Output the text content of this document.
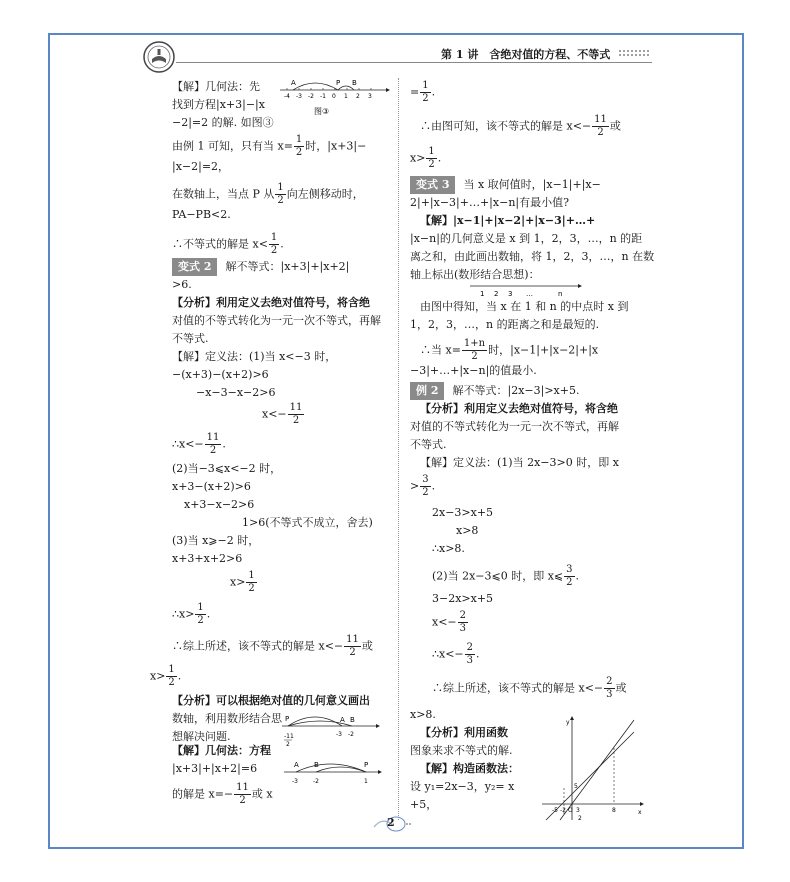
第 1 讲　含绝对值的方程、不等式
【解】几何法：先
找到方程|x+3|−|x
−2|=2 的解. 如图③
-4 -3 -2 -1 0 1 2 3
A	P B
图③
由例 1 可知，只有当 $x= \frac{1}{2}$ 时，|x+3|−
|x−2|=2，
在数轴上，当点 P 从 $\frac{1}{2}$ 向左侧移动时，
PA−PB<2.
∴不等式的解是 $x< \frac{1}{2}$ .
变式 2 解不等式：|x+3|+|x+2|
>6.
【分析】利用定义去绝对值符号，将含绝
对值的不等式转化为一元一次不等式，再解
不等式.
【解】定义法：(1)当 x<−3 时，
−(x+3)−(x+2)>6
−x−3−x−2>6
$x<- \frac{11}{2}$
∴x<− $\frac{11}{2}$ .
(2)当−3⩽x<−2 时，
x+3−(x+2)>6
x+3−x−2>6
1>6(不等式不成立，舍去)
(3)当 x⩾−2 时，
x+3+x+2>6
$x> \frac{1}{2}$
∴x> $\frac{1}{2}$ .
∴综上所述，该不等式的解是 $x<- \frac{11}{2}$ 或
$x> \frac{1}{2}$ .
【分析】可以根据绝对值的几何意义画出
数轴，利用数形结合思
想解决问题.
P	A B
-11
2
-3 -2
【解】几何法：方程
|x+3|+|x+2|=6
的解是 $x=- \frac{11}{2}$ 或 x
A B	P
-3	-2	1
= $\frac{1}{2}$ .
∴由图可知，该不等式的解是 $x<- \frac{11}{2}$ 或
$x> \frac{1}{2}$ .
变式 3 当 x 取何值时，|x−1|+|x−
2|+|x−3|+…+|x−n|有最小值?
【解】|x−1|+|x−2|+|x−3|+…+
|x−n|的几何意义是 x 到 1，2，3，…，n 的距
离之和，由此画出数轴，将 1，2，3，…，n 在数
轴上标出(数形结合思想)：
1 2 3 …	n
由图中得知，当 x 在 1 和 n 的中点时 x 到
1，2，3，…，n 的距离之和是最短的.
∴当 $x= \frac{1+n}{2}$ 时，|x−1|+|x−2|+|x
−3|+…+|x−n|的值最小.
例 2 解不等式：|2x−3|>x+5.
【分析】利用定义去绝对值符号，将含绝
对值的不等式转化为一元一次不等式，再解
不等式.
【解】定义法：(1)当 2x−3>0 时，即 x
> $\frac{3}{2}$ .
2x−3>x+5
x>8
∴x>8.
(2)当 2x−3⩽0 时，即 x⩽ $\frac{3}{2}$ .
3−2x>x+5
$x<- \frac{2}{3}$
∴x<− $\frac{2}{3}$ .
∴综上所述，该不等式的解是 $x<- \frac{2}{3}$ 或
x>8.
【分析】利用函数
图象来求不等式的解.
【解】构造函数法：
设 y₁=2x−3，y₂= x
+5，
y
x
5
-5 -2 3
O
2
8
2
